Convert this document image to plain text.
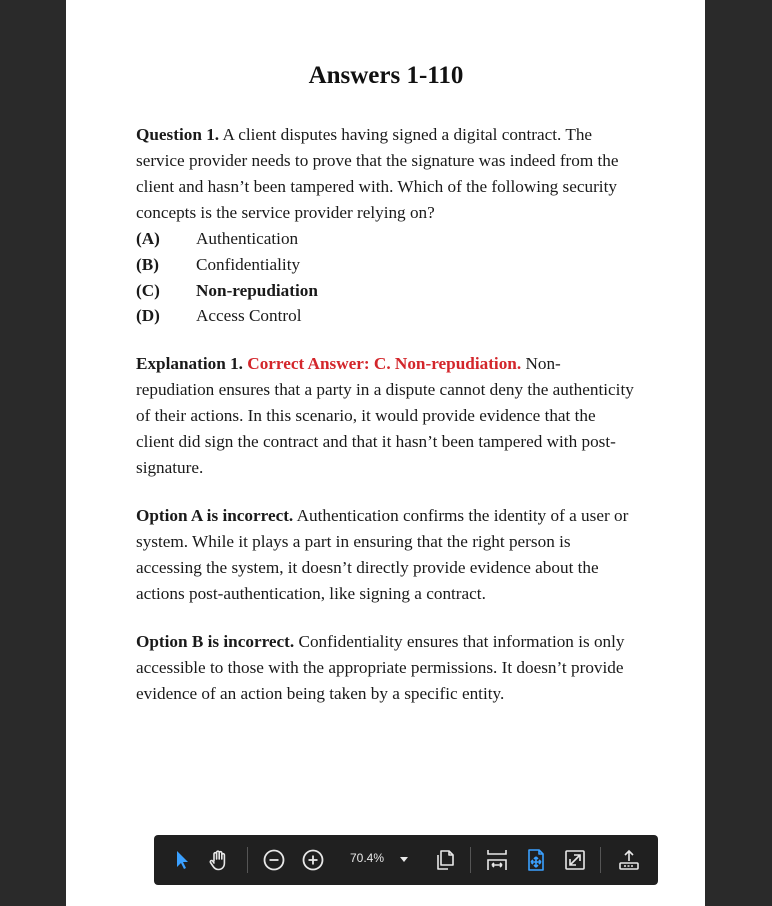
Answers 1-110

Question 1. A client disputes having signed a digital contract. The service provider needs to prove that the signature was indeed from the client and hasn’t been tampered with. Which of the following security concepts is the service provider relying on?

(A)	Authentication
(B)	Confidentiality
(C)	Non-repudiation
(D)	Access Control

Explanation 1. Correct Answer: C. Non-repudiation. Non-repudiation ensures that a party in a dispute cannot deny the authenticity of their actions. In this scenario, it would provide evidence that the client did sign the contract and that it hasn’t been tampered with post-signature.

Option A is incorrect. Authentication confirms the identity of a user or system. While it plays a part in ensuring that the right person is accessing the system, it doesn’t directly provide evidence about the actions post-authentication, like signing a contract.

Option B is incorrect. Confidentiality ensures that information is only accessible to those with the appropriate permissions. It doesn’t provide evidence of an action being taken by a specific entity.

70.4%
